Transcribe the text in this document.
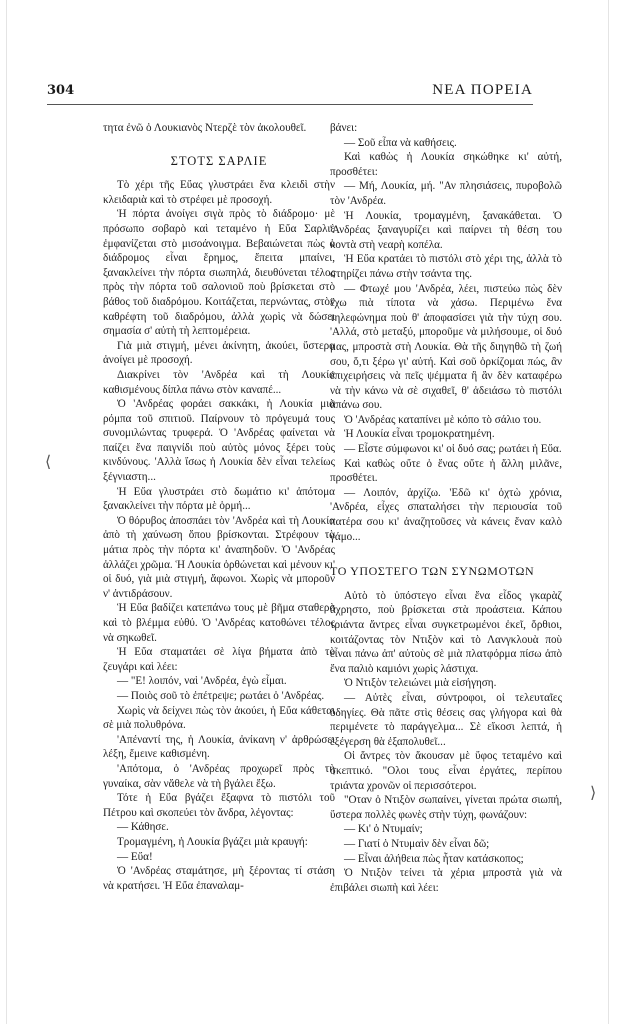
304	ΝΕΑ ΠΟΡΕΙΑ

τητα ἐνῶ ὁ Λουκιανὸς Ντερζὲ τὸν ἀκολουθεῖ.

ΣΤΟΤΣ ΣΑΡΛΙΕ

Τὸ χέρι τῆς Εὔας γλυστράει ἕνα κλειδὶ στὴν κλειδαριὰ καὶ τὸ στρέφει μὲ προσοχή.

Ἡ πόρτα ἀνοίγει σιγὰ πρὸς τὸ διάδρομο· μὲ πρόσωπο σοβαρὸ καὶ τεταμένο ἡ Εὔα Σαρλιὲ ἐμφανίζεται στὸ μισοάνοιγμα. Βεβαιώνεται πὼς ὁ διάδρομος εἶναι ἔρημος, ἔπειτα μπαίνει, ξανακλείνει τὴν πόρτα σιωπηλά, διευθύνεται τέλος πρὸς τὴν πόρτα τοῦ σαλονιοῦ ποὺ βρίσκεται στὸ βάθος τοῦ διαδρόμου. Κοιτάζεται, περνώντας, στὸν καθρέφτη τοῦ διαδρόμου, ἀλλὰ χωρὶς νὰ δώσει σημασία σ' αὐτὴ τὴ λεπτομέρεια.

Γιὰ μιὰ στιγμή, μένει ἀκίνητη, ἀκούει, ὕστερα ἀνοίγει μὲ προσοχή.

Διακρίνει τὸν 'Ανδρέα καὶ τὴ Λουκία καθισμένους δίπλα πάνω στὸν καναπέ...

Ὁ 'Ανδρέας φοράει σακκάκι, ἡ Λουκία μιὰ ρόμπα τοῦ σπιτιοῦ. Παίρνουν τὸ πρόγευμά τους συνομιλώντας τρυφερά. Ὁ 'Ανδρέας φαίνεται νὰ παίζει ἕνα παιγνίδι ποὺ αὐτὸς μόνος ξέρει τοὺς κινδύνους. 'Αλλὰ ἴσως ἡ Λουκία δὲν εἶναι τελείως ξέγνιαστη...

Ἡ Εὔα γλυστράει στὸ δωμάτιο κι' ἀπότομα ξανακλείνει τὴν πόρτα μὲ ὁρμή...

Ὁ θόρυβος ἀποσπάει τὸν 'Ανδρέα καὶ τὴ Λουκία ἀπὸ τὴ χαύνωση ὅπου βρίσκονται. Στρέφουν τὰ μάτια πρὸς τὴν πόρτα κι' ἀναπηδοῦν. Ὁ 'Ανδρέας ἀλλάζει χρῶμα. Ἡ Λουκία ὀρθώνεται καὶ μένουν κι' οἱ δυό, γιὰ μιὰ στιγμή, ἄφωνοι. Χωρὶς νὰ μποροῦν ν' ἀντιδράσουν.

Ἡ Εὔα βαδίζει κατεπάνω τους μὲ βῆμα σταθερὸ καὶ τὸ βλέμμα εὐθύ. Ὁ 'Ανδρέας κατοθώνει τέλος νὰ σηκωθεῖ.

Ἡ Εὔα σταματάει σὲ λίγα βήματα ἀπὸ τὸ ζευγάρι καὶ λέει:

— "Ε! λοιπόν, ναὶ 'Ανδρέα, ἐγὼ εἶμαι.

— Ποιὸς σοῦ τὸ ἐπέτρεψε; ρωτάει ὁ 'Ανδρέας.

Χωρὶς νὰ δείχνει πὼς τὸν ἀκούει, ἡ Εὔα κάθεται σὲ μιὰ πολυθρόνα.

'Απέναντί της, ἡ Λουκία, ἀνίκανη ν' ἀρθρώσει λέξη, ἔμεινε καθισμένη.

'Απότομα, ὁ 'Ανδρέας προχωρεῖ πρὸς τὴ γυναίκα, σὰν νἄθελε νὰ τὴ βγάλει ἔξω.

Τότε ἡ Εὔα βγάζει ἔξαφνα τὸ πιστόλι τοῦ Πέτρου καὶ σκοπεύει τὸν ἄνδρα, λέγοντας:

— Κάθησε.

Τρομαγμένη, ἡ Λουκία βγάζει μιὰ κραυγή:

— Εὔα!

Ὁ 'Ανδρέας σταμάτησε, μὴ ξέροντας τί στάση νὰ κρατήσει. Ἡ Εὔα ἐπαναλαμ-

βάνει:

— Σοῦ εἶπα νὰ καθήσεις.

Καὶ καθὼς ἡ Λουκία σηκώθηκε κι' αὐτή, προσθέτει:

— Μή, Λουκία, μή. "Αν πλησιάσεις, πυροβολῶ τὸν 'Ανδρέα.

Ἡ Λουκία, τρομαγμένη, ξανακάθεται. Ὁ 'Ανδρέας ξαναγυρίζει καὶ παίρνει τὴ θέση του κοντὰ στὴ νεαρὴ κοπέλα.

Ἡ Εὔα κρατάει τὸ πιστόλι στὸ χέρι της, ἀλλὰ τὸ στηρίζει πάνω στὴν τσάντα της.

— Φτωχέ μου 'Ανδρέα, λέει, πιστεύω πὼς δὲν ἔχω πιὰ τίποτα νὰ χάσω. Περιμένω ἕνα τηλεφώνημα ποὺ θ' ἀποφασίσει γιὰ τὴν τύχη σου. 'Αλλά, στὸ μεταξύ, μποροῦμε νὰ μιλήσουμε, οἱ δυό μας, μπροστὰ στὴ Λουκία. Θὰ τῆς διηγηθῶ τὴ ζωή σου, ὅ,τι ξέρω γι' αὐτή. Καὶ σοῦ ὁρκίζομαι πώς, ἂν ἐπιχειρήσεις νὰ πεῖς ψέμματα ἢ ἂν δὲν καταφέρω νὰ τὴν κάνω νὰ σὲ σιχαθεῖ, θ' ἀδειάσω τὸ πιστόλι ἀπάνω σου.

Ὁ 'Ανδρέας καταπίνει μὲ κόπο τὸ σάλιο του.

Ἡ Λουκία εἶναι τρομοκρατημένη.

— Εἶστε σύμφωνοι κι' οἱ δυό σας; ρωτάει ἡ Εὔα.

Καὶ καθὼς οὔτε ὁ ἕνας οὔτε ἡ ἄλλη μιλᾶνε, προσθέτει.

— Λοιπόν, ἀρχίζω. 'Εδῶ κι' ὀχτὼ χρόνια, 'Ανδρέα, εἶχες σπαταλήσει τὴν περιουσία τοῦ πατέρα σου κι' ἀναζητοῦσες νὰ κάνεις ἕναν καλὸ γάμο...

ΤΟ ΥΠΟΣΤΕΓΟ ΤΩΝ ΣΥΝΩΜΟΤΩΝ

Αὐτὸ τὸ ὑπόστεγο εἶναι ἕνα εἶδος γκαρὰζ ἄχρηστο, ποὺ βρίσκεται στὰ προάστεια. Κάπου τριάντα ἄντρες εἶναι συγκετρωμένοι ἐκεῖ, ὄρθιοι, κοιτάζοντας τὸν Ντιξὸν καὶ τὸ Λανγκλουὰ ποὺ εἶναι πάνω ἀπ' αὐτοὺς σὲ μιὰ πλατφόρμα πίσω ἀπὸ ἕνα παλιὸ καμιόνι χωρὶς λάστιχα.

Ὁ Ντιξὸν τελειώνει μιὰ εἰσήγηση.

— Αὐτὲς εἶναι, σύντροφοι, οἱ τελευταῖες ὁδηγίες. Θὰ πᾶτε στὶς θέσεις σας γλήγορα καὶ θὰ περιμένετε τὸ παράγγελμα... Σὲ εἴκοσι λεπτά, ἡ ἐξέγερση θὰ ἐξαπολυθεῖ...

Οἱ ἄντρες τὸν ἄκουσαν μὲ ὕφος τεταμένο καὶ σκεπτικό. "Ολοι τους εἶναι ἐργάτες, περίπου τριάντα χρονῶν οἱ περισσότεροι.

"Οταν ὁ Ντιξὸν σωπαίνει, γίνεται πρώτα σιωπή, ὕστερα πολλὲς φωνὲς στὴν τύχη, φωνάζουν:

— Κι' ὁ Ντυμαίν;

— Γιατί ὁ Ντυμαὶν δὲν εἶναι δῶ;

— Εἶναι ἀλήθεια πὼς ἦταν κατάσκοπος;

Ὁ Ντιξὸν τείνει τὰ χέρια μπροστὰ γιὰ νὰ ἐπιβάλει σιωπὴ καὶ λέει:

⟨
⟩
